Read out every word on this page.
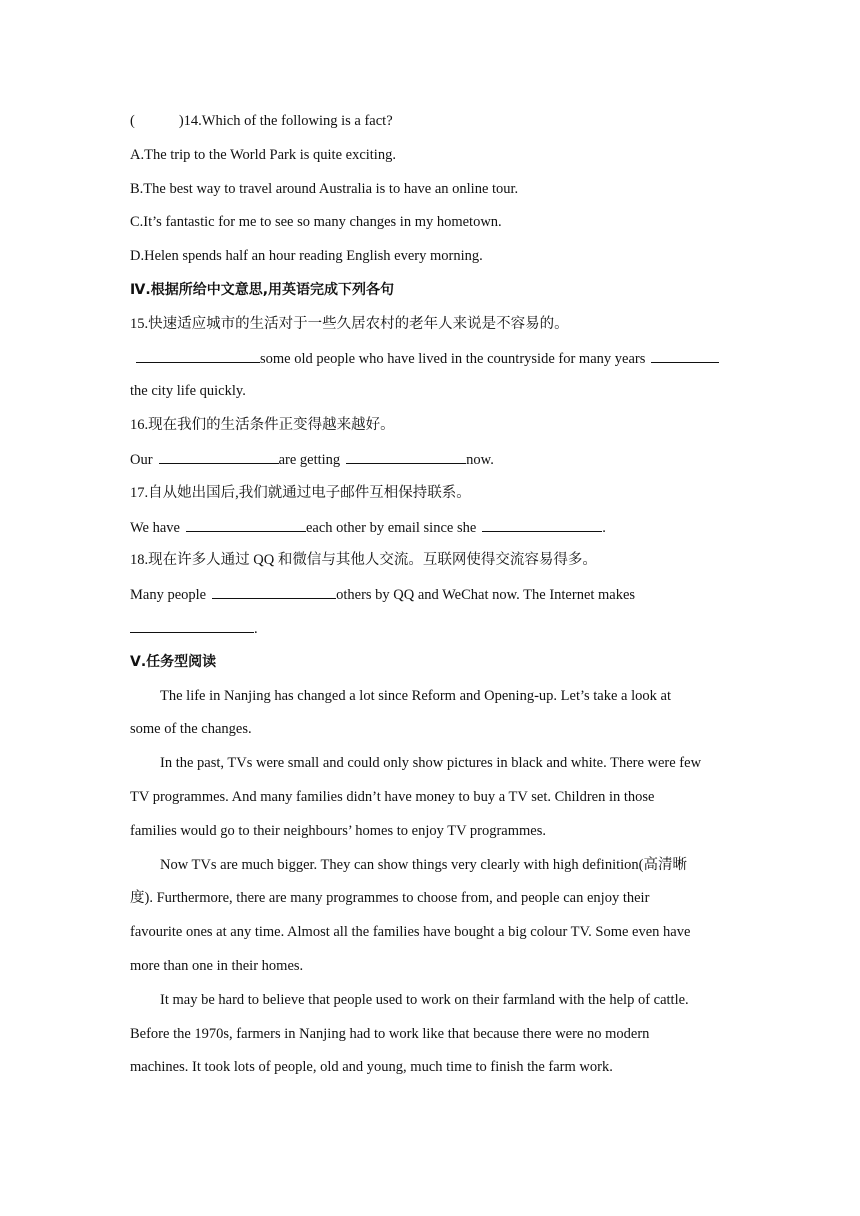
(	)14.Which of the following is a fact?
A.The trip to the World Park is quite exciting.
B.The best way to travel around Australia is to have an online tour.
C.It’s fantastic for me to see so many changes in my hometown.
D.Helen spends half an hour reading English every morning.
Ⅳ.根据所给中文意思,用英语完成下列各句
15.快速适应城市的生活对于一些久居农村的老年人来说是不容易的。
some old people who have lived in the countryside for many years
the city life quickly.
16.现在我们的生活条件正变得越来越好。
Our	are getting	now.
17.自从她出国后,我们就通过电子邮件互相保持联系。
We have	each other by email since she	.
18.现在许多人通过 QQ 和微信与其他人交流。互联网使得交流容易得多。
Many people	others by QQ and WeChat now. The Internet makes
.
Ⅴ.任务型阅读
The life in Nanjing has changed a lot since Reform and Opening-up. Let’s take a look at
some of the changes.
In the past, TVs were small and could only show pictures in black and white. There were few
TV programmes. And many families didn’t have money to buy a TV set. Children in those
families would go to their neighbours’ homes to enjoy TV programmes.
Now TVs are much bigger. They can show things very clearly with high definition(高清晰
度). Furthermore, there are many programmes to choose from, and people can enjoy their
favourite ones at any time. Almost all the families have bought a big colour TV. Some even have
more than one in their homes.
It may be hard to believe that people used to work on their farmland with the help of cattle.
Before the 1970s, farmers in Nanjing had to work like that because there were no modern
machines. It took lots of people, old and young, much time to finish the farm work.
